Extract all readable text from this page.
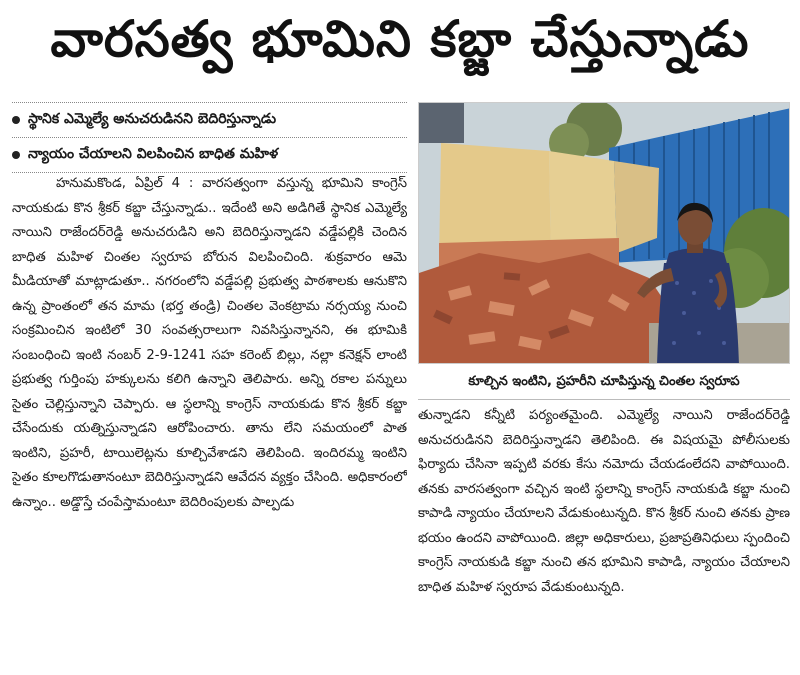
వారసత్వ భూమిని కబ్జా చేస్తున్నాడు
స్థానిక ఎమ్మెల్యే అనుచరుడినని బెదిరిస్తున్నాడు
న్యాయం చేయాలని విలపించిన బాధిత మహిళ

హనుమకొండ, ఏప్రిల్ 4 : వారసత్వంగా వస్తున్న భూమిని కాంగ్రెస్ నాయకుడు కొన శ్రీకర్ కబ్జా చేస్తున్నాడు.. ఇదేంటి అని అడిగితే స్థానిక ఎమ్మెల్యే నాయిని రాజేందర్‌రెడ్డి అనుచరుడిని అని బెదిరిస్తున్నాడని వడ్డేపల్లికి చెందిన బాధిత మహిళ చింతల స్వరూప బోరున విలపించింది. శుక్రవారం ఆమె మీడియాతో మాట్లాడుతూ.. నగరంలోని వడ్డేపల్లి ప్రభుత్వ పాఠశాలకు ఆనుకొని ఉన్న ప్రాంతంలో తన మామ (భర్త తండ్రి) చింతల వెంకట్రామ నర్సయ్య నుంచి సంక్రమించిన ఇంటిలో 30 సంవత్సరాలుగా నివసిస్తున్నానని, ఈ భూమికి సంబంధించి ఇంటి నంబర్ 2-9-1241 సహ కరెంట్ బిల్లు, నల్లా కనెక్షన్ లాంటి ప్రభుత్వ గుర్తింపు హక్కులను కలిగి ఉన్నాని తెలిపారు. అన్ని రకాల పన్నులు సైతం చెల్లిస్తున్నాని చెప్పారు. ఆ స్థలాన్ని కాంగ్రెస్ నాయకుడు కొన శ్రీకర్ కబ్జా చేసేందుకు యత్నిస్తున్నాడని ఆరోపించారు. తాను లేని సమయంలో పాత ఇంటిని, ప్రహరీ, టాయిలెట్లను కూల్చివేశాడని తెలిపింది. ఇందిరమ్మ ఇంటిని సైతం కూలగొడుతానంటూ బెదిరిస్తున్నాడని ఆవేదన వ్యక్తం చేసింది. అధికారంలో ఉన్నాం.. అడ్డొస్తే చంపేస్తామంటూ బెదిరింపులకు పాల్పడు

కూల్చిన ఇంటిని, ప్రహరీని చూపిస్తున్న చింతల స్వరూప

తున్నాడని కన్నీటి పర్యంతమైంది. ఎమ్మెల్యే నాయిని రాజేందర్‌రెడ్డి అనుచరుడినని బెదిరిస్తున్నాడని తెలిపింది. ఈ విషయమై పోలీసులకు ఫిర్యాదు చేసినా ఇప్పటి వరకు కేసు నమోదు చేయడంలేదని వాపోయింది. తనకు వారసత్వంగా వచ్చిన ఇంటి స్థలాన్ని కాంగ్రెస్ నాయకుడి కబ్జా నుంచి కాపాడి న్యాయం చేయాలని వేడుకుంటున్నది. కొన శ్రీకర్ నుంచి తనకు ప్రాణ భయం ఉందని వాపోయింది. జిల్లా అధికారులు, ప్రజాప్రతినిధులు స్పందించి కాంగ్రెస్ నాయకుడి కబ్జా నుంచి తన భూమిని కాపాడి, న్యాయం చేయాలని బాధిత మహిళ స్వరూప వేడుకుంటున్నది.
